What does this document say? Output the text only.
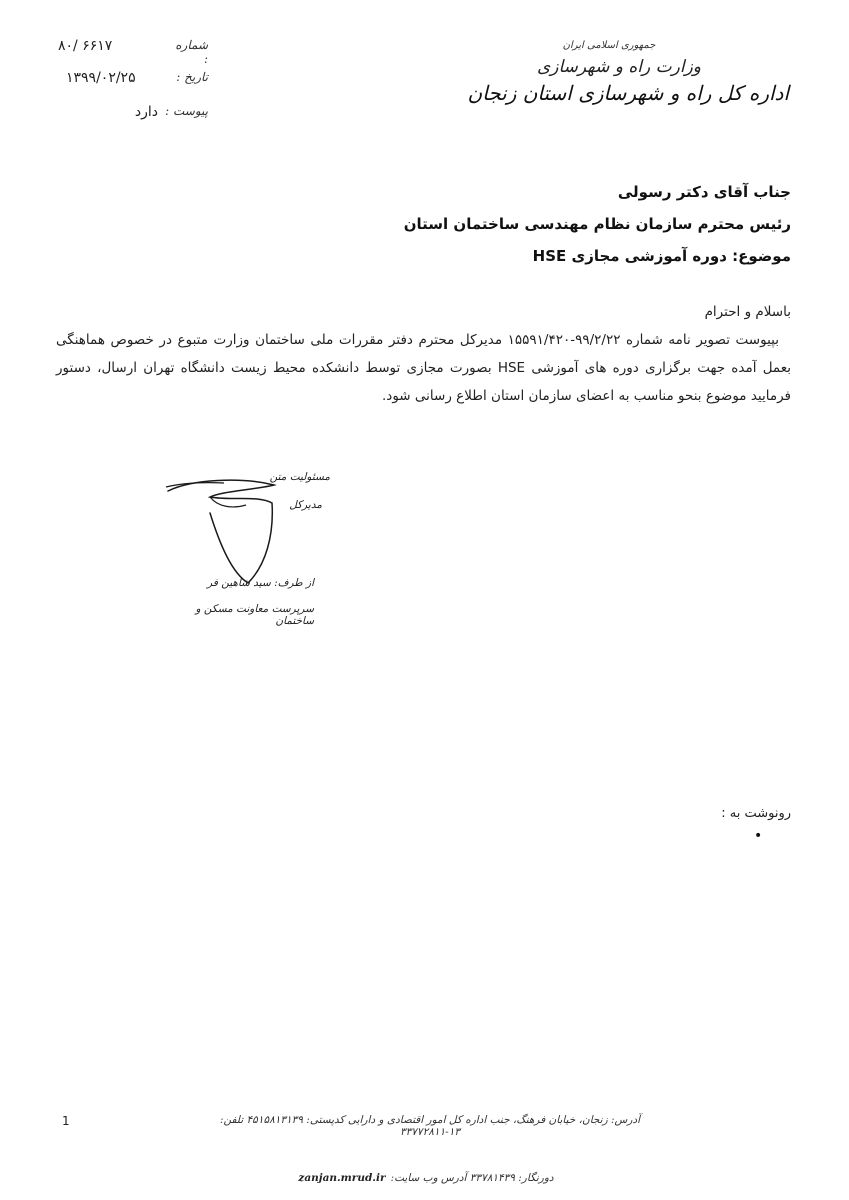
۸۰/ ۶۶۱۷	شماره :
۱۳۹۹/۰۲/۲۵	تاریخ :
دارد پیوست :
جمهوری اسلامی ایران
وزارت راه و شهرسازی
اداره کل راه و شهرسازی استان زنجان
جناب آقای دکتر رسولی
رئیس محترم سازمان نظام مهندسی ساختمان استان
موضوع: دوره آموزشی مجازی HSE
باسلام و احترام
بپیوست تصویر نامه شماره ۹۹/۲/۲۲-۱۵۵۹۱/۴۲۰ مدیرکل محترم دفتر مقررات ملی ساختمان وزارت متبوع در خصوص هماهنگی بعمل آمده جهت برگزاری دوره های آموزشی HSE بصورت مجازی توسط دانشکده محیط زیست دانشگاه تهران ارسال، دستور فرمایید موضوع بنحو مناسب به اعضای سازمان استان اطلاع رسانی شود.
مسئولیت متن
مدیرکل
از طرف: سید شاهین فر
سرپرست معاونت مسکن و ساختمان
رونوشت به :
•
1	آدرس: زنجان، خیابان فرهنگ، جنب اداره کل امور اقتصادی و دارایی کدپستی: ۴۵۱۵۸۱۳۱۳۹ تلفن: ۱۳-۳۳۷۷۲۸۱۱
zanjan.mrud.ir دورنگار: ۳۳۷۸۱۴۳۹ آدرس وب سایت:
